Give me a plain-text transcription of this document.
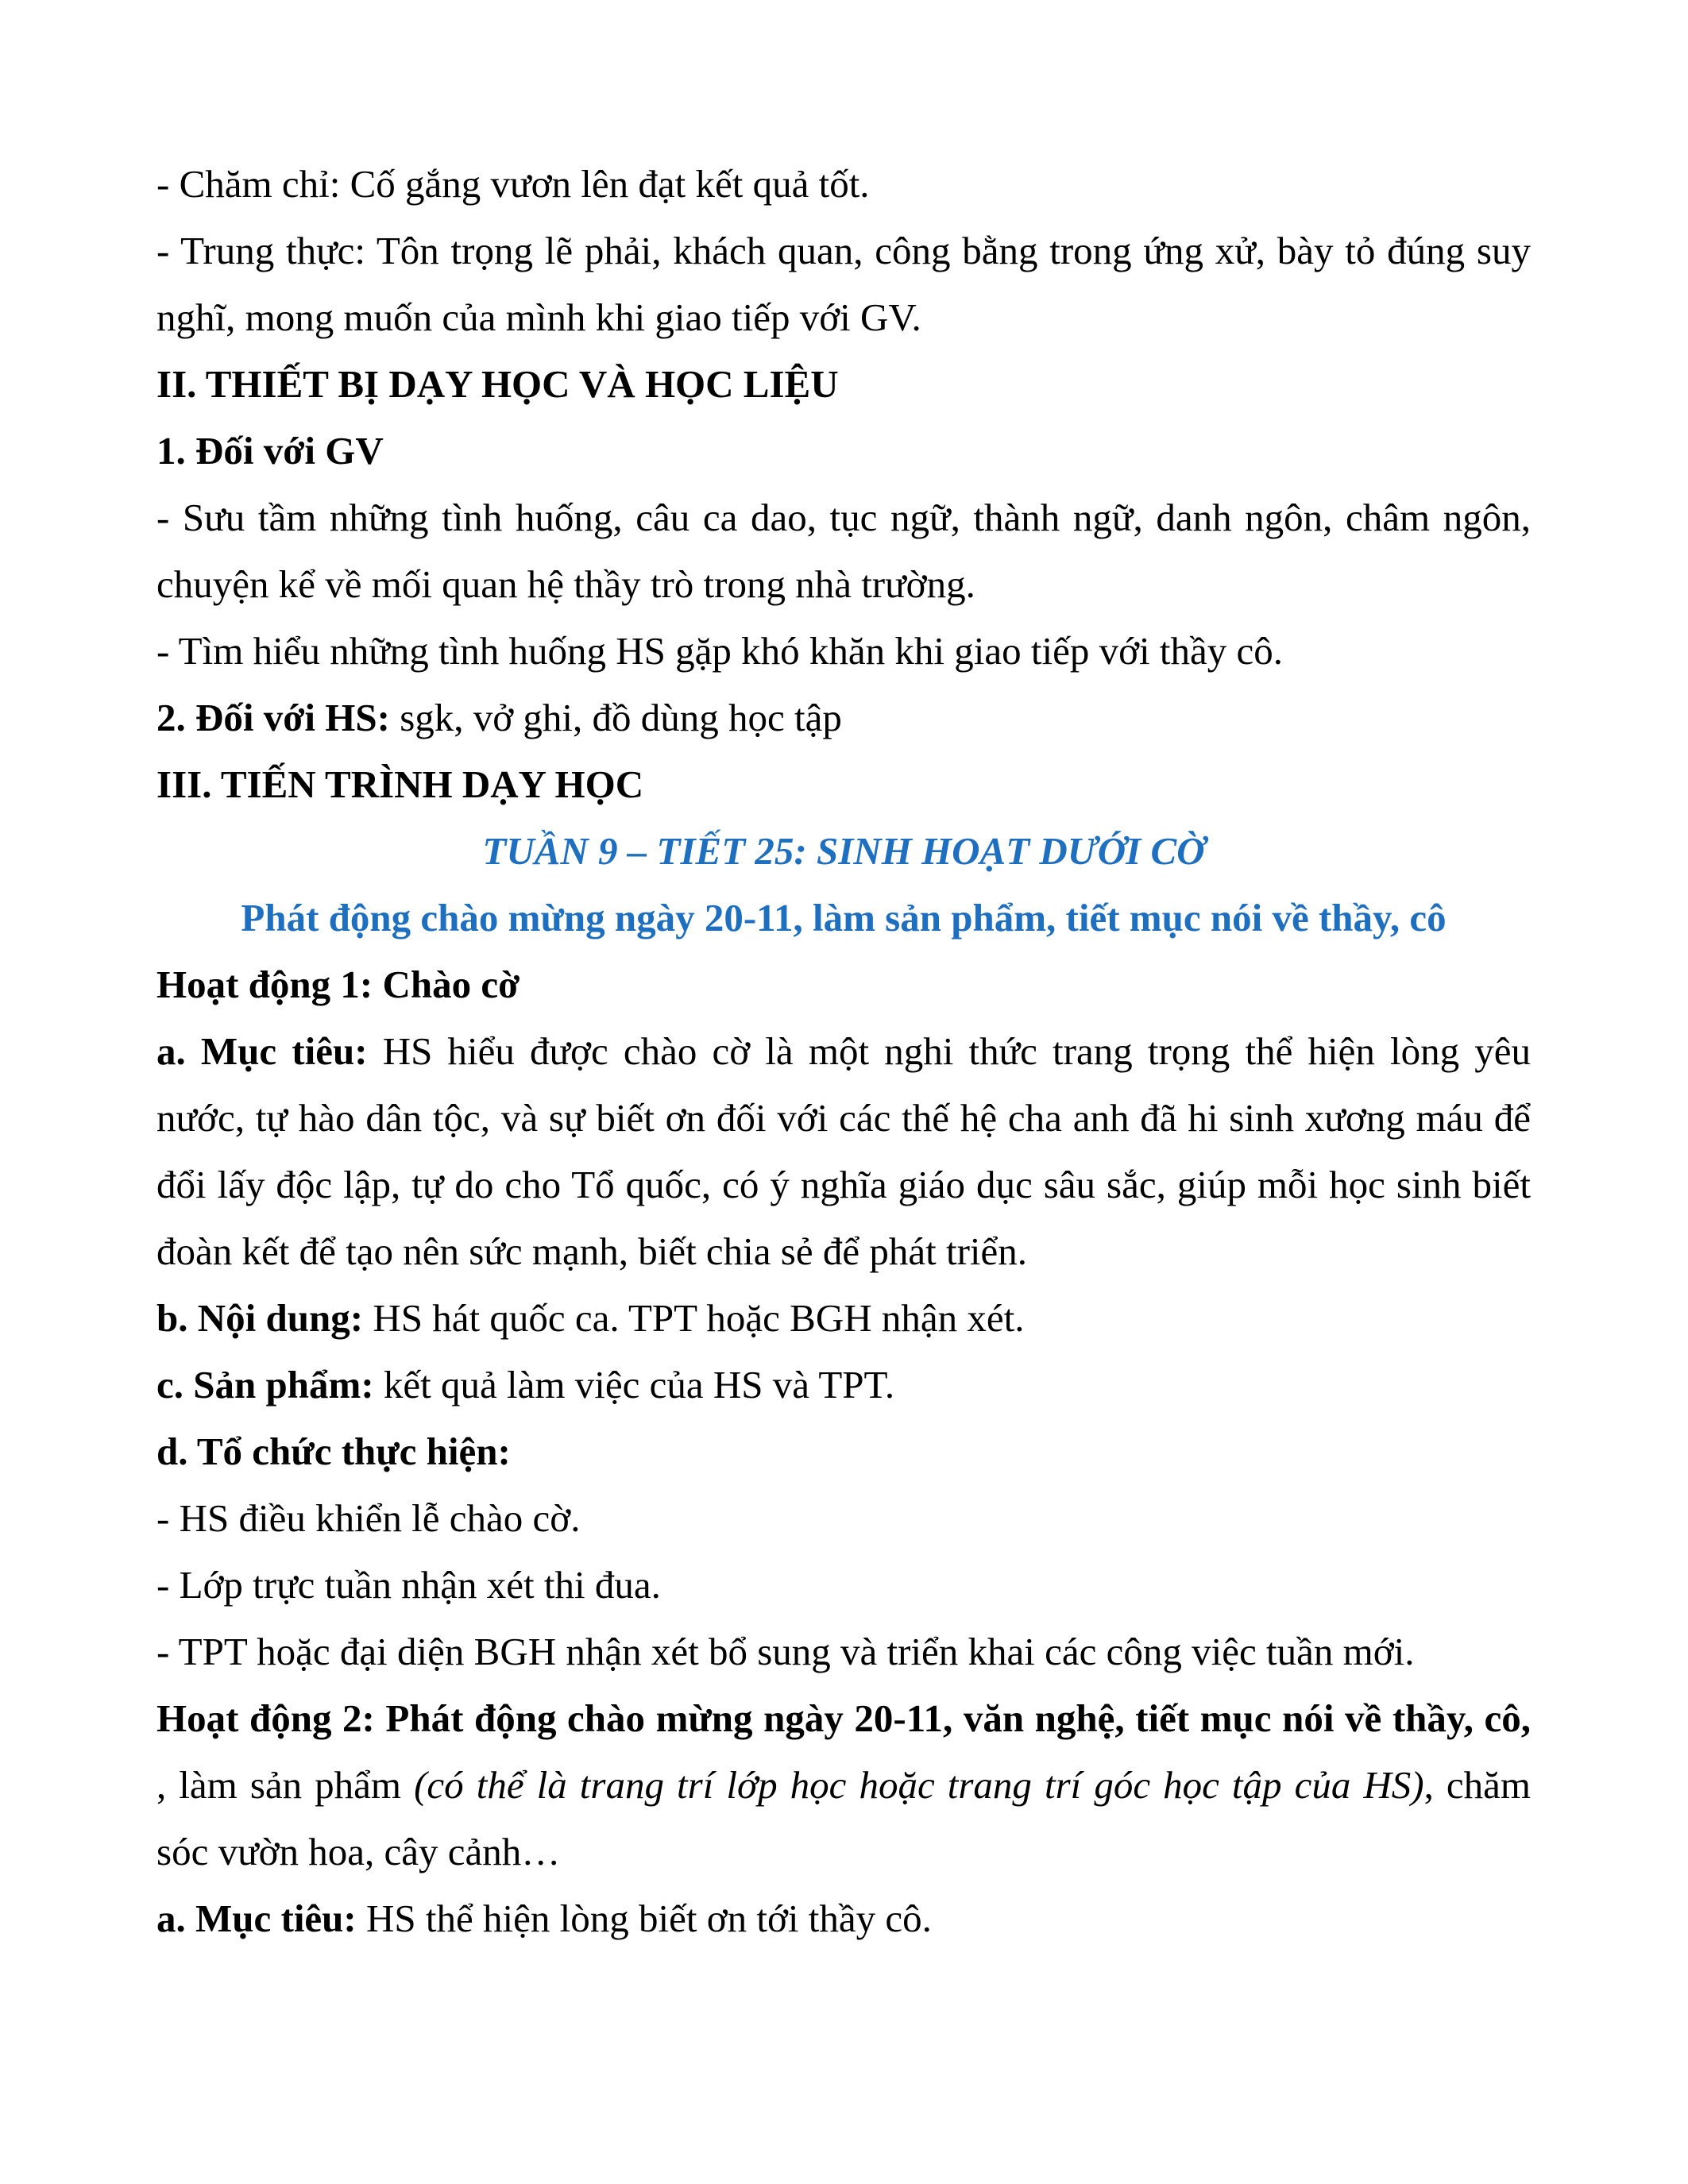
- Chăm chỉ: Cố gắng vươn lên đạt kết quả tốt.

- Trung thực: Tôn trọng lẽ phải, khách quan, công bằng trong ứng xử, bày tỏ đúng suy nghĩ, mong muốn của mình khi giao tiếp với GV.

II. THIẾT BỊ DẠY HỌC VÀ HỌC LIỆU

1. Đối với GV

- Sưu tầm những tình huống, câu ca dao, tục ngữ, thành ngữ, danh ngôn, châm ngôn, chuyện kể về mối quan hệ thầy trò trong nhà trường.

- Tìm hiểu những tình huống HS gặp khó khăn khi giao tiếp với thầy cô.

2. Đối với HS: sgk, vở ghi, đồ dùng học tập

III. TIẾN TRÌNH DẠY HỌC

TUẦN 9 – TIẾT 25: SINH HOẠT DƯỚI CỜ

Phát động chào mừng ngày 20-11, làm sản phẩm, tiết mục nói về thầy, cô

Hoạt động 1: Chào cờ

a. Mục tiêu: HS hiểu được chào cờ là một nghi thức trang trọng thể hiện lòng yêu nước, tự hào dân tộc, và sự biết ơn đối với các thế hệ cha anh đã hi sinh xương máu để đổi lấy độc lập, tự do cho Tổ quốc, có ý nghĩa giáo dục sâu sắc, giúp mỗi học sinh biết đoàn kết để tạo nên sức mạnh, biết chia sẻ để phát triển.

b. Nội dung: HS hát quốc ca. TPT hoặc BGH nhận xét.

c. Sản phẩm: kết quả làm việc của HS và TPT.

d. Tổ chức thực hiện:

- HS điều khiển lễ chào cờ.

- Lớp trực tuần nhận xét thi đua.

- TPT hoặc đại diện BGH nhận xét bổ sung và triển khai các công việc tuần mới.

Hoạt động 2: Phát động chào mừng ngày 20-11, văn nghệ, tiết mục nói về thầy, cô, , làm sản phẩm (có thể là trang trí lớp học hoặc trang trí góc học tập của HS), chăm sóc vườn hoa, cây cảnh…

a. Mục tiêu: HS thể hiện lòng biết ơn tới thầy cô.
